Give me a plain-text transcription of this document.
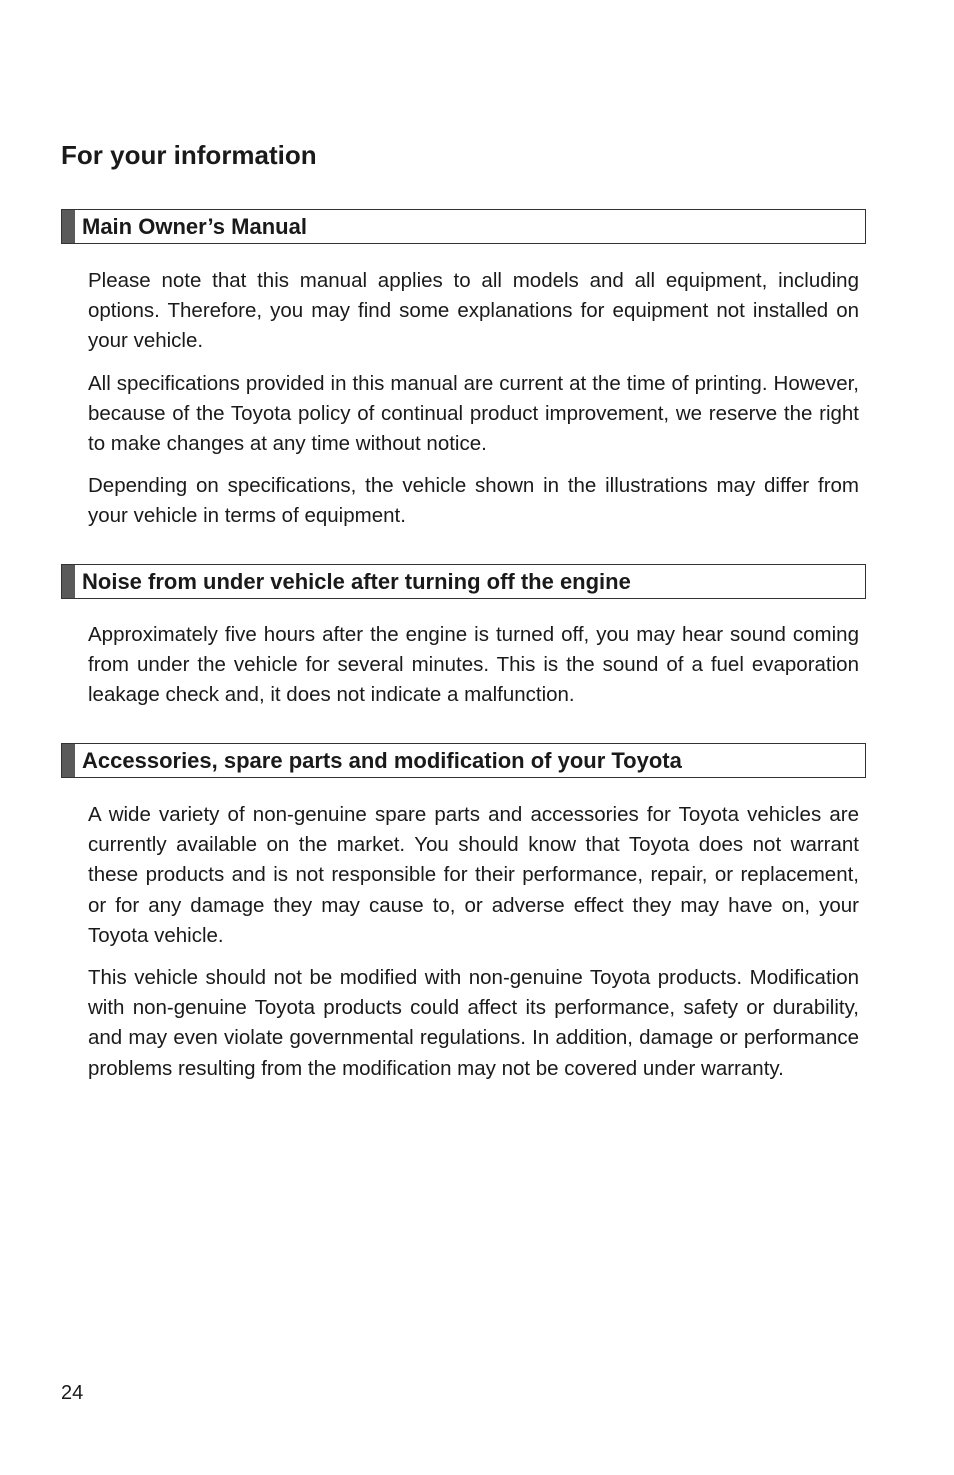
For your information
Main Owner’s Manual

Please note that this manual applies to all models and all equipment, including options. Therefore, you may find some explanations for equipment not installed on your vehicle.

All specifications provided in this manual are current at the time of printing. However, because of the Toyota policy of continual product improvement, we reserve the right to make changes at any time without notice.

Depending on specifications, the vehicle shown in the illustrations may differ from your vehicle in terms of equipment.

Noise from under vehicle after turning off the engine

Approximately five hours after the engine is turned off, you may hear sound coming from under the vehicle for several minutes. This is the sound of a fuel evaporation leakage check and, it does not indicate a malfunction.

Accessories, spare parts and modification of your Toyota

A wide variety of non-genuine spare parts and accessories for Toyota vehicles are currently available on the market. You should know that Toyota does not warrant these products and is not responsible for their performance, repair, or replacement, or for any damage they may cause to, or adverse effect they may have on, your Toyota vehicle.

This vehicle should not be modified with non-genuine Toyota products. Modification with non-genuine Toyota products could affect its performance, safety or durability, and may even violate governmental regulations. In addition, damage or performance problems resulting from the modification may not be covered under warranty.

24
